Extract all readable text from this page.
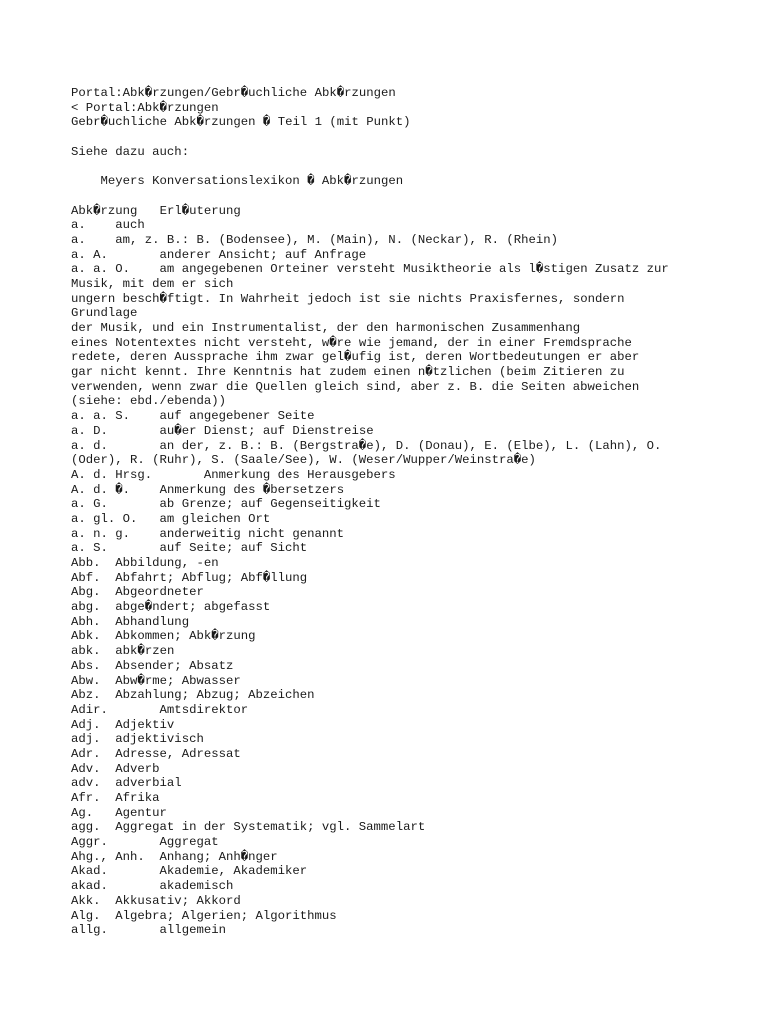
Portal:Abk�rzungen/Gebr�uchliche Abk�rzungen
< Portal:Abk�rzungen
Gebr�uchliche Abk�rzungen � Teil 1 (mit Punkt)
Siehe dazu auch:
Meyers Konversationslexikon � Abk�rzungen
Abk�rzung   Erl�uterung
a.    auch
a.    am, z. B.: B. (Bodensee), M. (Main), N. (Neckar), R. (Rhein)
a. A.       anderer Ansicht; auf Anfrage
a. a. O.    am angegebenen Orteiner versteht Musiktheorie als l�stigen Zusatz zur
Musik, mit dem er sich
ungern besch�ftigt. In Wahrheit jedoch ist sie nichts Praxisfernes, sondern
Grundlage
der Musik, und ein Instrumentalist, der den harmonischen Zusammenhang
eines Notentextes nicht versteht, w�re wie jemand, der in einer Fremdsprache
redete, deren Aussprache ihm zwar gel�ufig ist, deren Wortbedeutungen er aber
gar nicht kennt. Ihre Kenntnis hat zudem einen n�tzlichen (beim Zitieren zu
verwenden, wenn zwar die Quellen gleich sind, aber z. B. die Seiten abweichen
(siehe: ebd./ebenda))
a. a. S.    auf angegebener Seite
a. D.       au�er Dienst; auf Dienstreise
a. d.       an der, z. B.: B. (Bergstra�e), D. (Donau), E. (Elbe), L. (Lahn), O.
(Oder), R. (Ruhr), S. (Saale/See), W. (Weser/Wupper/Weinstra�e)
A. d. Hrsg.       Anmerkung des Herausgebers
A. d. �.    Anmerkung des �bersetzers
a. G.       ab Grenze; auf Gegenseitigkeit
a. gl. O.   am gleichen Ort
a. n. g.    anderweitig nicht genannt
a. S.       auf Seite; auf Sicht
Abb.  Abbildung, -en
Abf.  Abfahrt; Abflug; Abf�llung
Abg.  Abgeordneter
abg.  abge�ndert; abgefasst
Abh.  Abhandlung
Abk.  Abkommen; Abk�rzung
abk.  abk�rzen
Abs.  Absender; Absatz
Abw.  Abw�rme; Abwasser
Abz.  Abzahlung; Abzug; Abzeichen
Adir.       Amtsdirektor
Adj.  Adjektiv
adj.  adjektivisch
Adr.  Adresse, Adressat
Adv.  Adverb
adv.  adverbial
Afr.  Afrika
Ag.   Agentur
agg.  Aggregat in der Systematik; vgl. Sammelart
Aggr.       Aggregat
Ahg., Anh.  Anhang; Anh�nger
Akad.       Akademie, Akademiker
akad.       akademisch
Akk.  Akkusativ; Akkord
Alg.  Algebra; Algerien; Algorithmus
allg.       allgemein
